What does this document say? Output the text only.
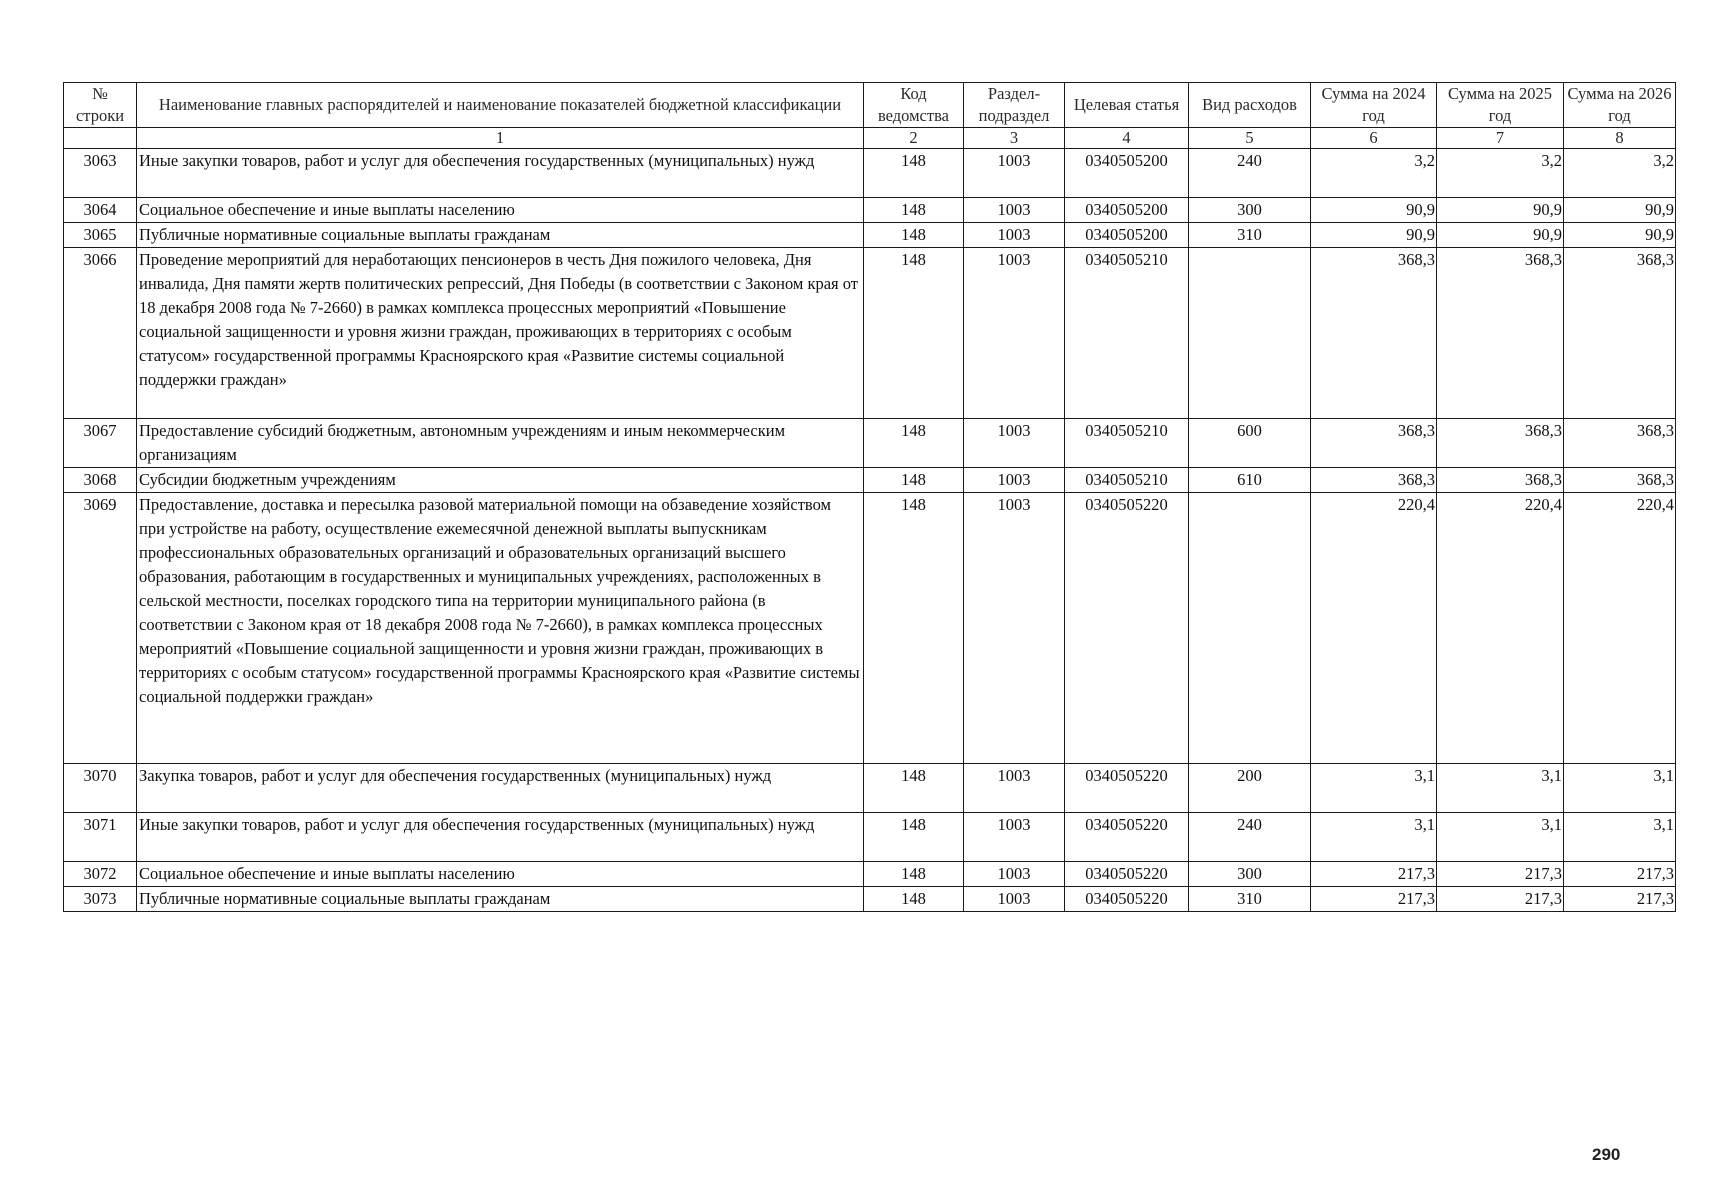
№ строки	Наименование главных распорядителей и наименование показателей бюджетной классификации	Код ведомства	Раздел-подраздел	Целевая статья	Вид расходов	Сумма на 2024 год	Сумма на 2025 год	Сумма на 2026 год
	1	2	3	4	5	6	7	8
3063	Иные закупки товаров, работ и услуг для обеспечения государственных (муниципальных) нужд	148	1003	0340505200	240	3,2	3,2	3,2
3064	Социальное обеспечение и иные выплаты населению	148	1003	0340505200	300	90,9	90,9	90,9
3065	Публичные нормативные социальные выплаты гражданам	148	1003	0340505200	310	90,9	90,9	90,9
3066	Проведение мероприятий для неработающих пенсионеров в честь Дня пожилого человека, Дня инвалида, Дня памяти жертв политических репрессий, Дня Победы (в соответствии с Законом края от 18 декабря 2008 года № 7-2660) в рамках комплекса процессных мероприятий «Повышение социальной защищенности и уровня жизни граждан, проживающих в территориях с особым статусом» государственной программы Красноярского края «Развитие системы социальной поддержки граждан»	148	1003	0340505210		368,3	368,3	368,3
3067	Предоставление субсидий бюджетным, автономным учреждениям и иным некоммерческим организациям	148	1003	0340505210	600	368,3	368,3	368,3
3068	Субсидии бюджетным учреждениям	148	1003	0340505210	610	368,3	368,3	368,3
3069	Предоставление, доставка и пересылка разовой материальной помощи на обзаведение хозяйством при устройстве на работу, осуществление ежемесячной денежной выплаты выпускникам профессиональных образовательных организаций и образовательных организаций высшего образования, работающим в государственных и муниципальных учреждениях, расположенных в сельской местности, поселках городского типа на территории муниципального района (в соответствии с Законом края от 18 декабря 2008 года № 7-2660), в рамках комплекса процессных мероприятий «Повышение социальной защищенности и уровня жизни граждан, проживающих в территориях с особым статусом» государственной программы Красноярского края «Развитие системы социальной поддержки граждан»	148	1003	0340505220		220,4	220,4	220,4
3070	Закупка товаров, работ и услуг для обеспечения государственных (муниципальных) нужд	148	1003	0340505220	200	3,1	3,1	3,1
3071	Иные закупки товаров, работ и услуг для обеспечения государственных (муниципальных) нужд	148	1003	0340505220	240	3,1	3,1	3,1
3072	Социальное обеспечение и иные выплаты населению	148	1003	0340505220	300	217,3	217,3	217,3
3073	Публичные нормативные социальные выплаты гражданам	148	1003	0340505220	310	217,3	217,3	217,3
290
